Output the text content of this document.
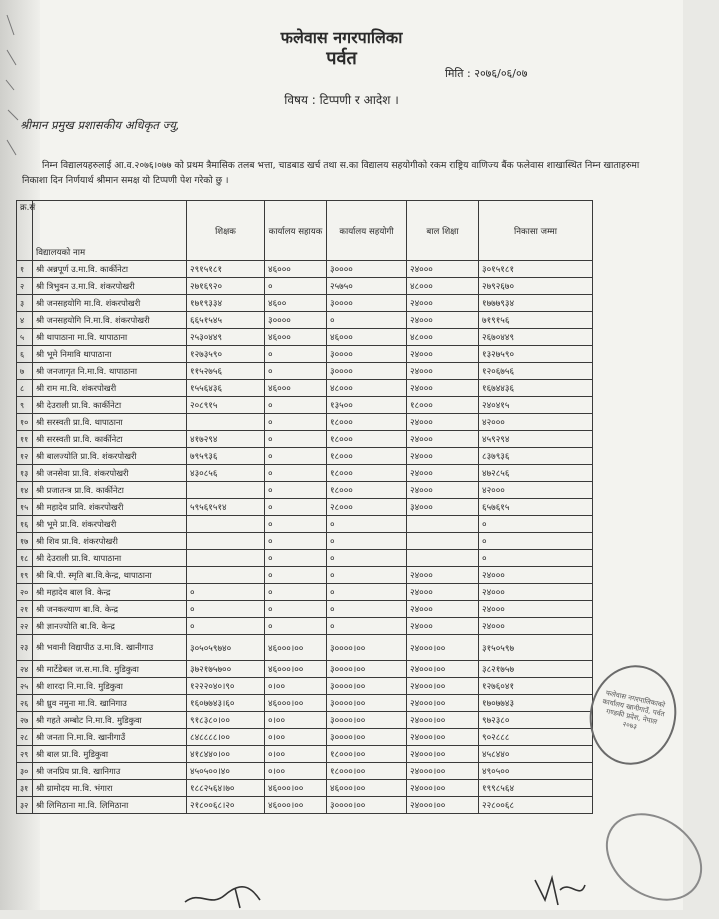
फलेवास नगरपालिका
पर्वत
मिति : २०७६/०६/०७
विषय : टिप्पणी र आदेश ।
श्रीमान प्रमुख प्रशासकीय अधिकृत ज्यु,
निम्न विद्यालयहरुलाई आ.व.२०७६।०७७ को प्रथम त्रैमासिक तलब भत्ता, चाडबाड खर्च तथा स.का विद्यालय सहयोगीको रकम राष्ट्रिय वाणिज्य बैंक फलेवास शाखास्थित निम्न खाताहरुमा निकाशा दिन निर्णयार्थ श्रीमान समक्ष यो टिप्पणी पेश गरेको छु ।
क्र.सं	विद्यालयको नाम	शिक्षक	कार्यालय सहायक	कार्यालय सहयोगी	बाल शिक्षा	निकासा जम्मा
१	श्री अन्नपूर्ण उ.मा.वि. कार्कीनेटा	२९१५१८१	४६०००	३००००	२४०००	३०१५१८१
२	श्री त्रिभुवन उ.मा.वि. शंकरपोखरी	२७१६९२०	०	२५७५०	४८०००	२७९२६७०
३	श्री जनसहयोगि मा.वि. शंकरपोखरी	१७१९३३४	४६००	३००००	२४०००	१७७७९३४
४	श्री जनसहयोगि नि.मा.वि. शंकरपोखरी	६६५१५४५	३००००	०	२४०००	७१९१५६
५	श्री थापाठाना मा.वि. थापाठाना	२५३०४४९	४६०००	४६०००	४८०००	२६७०४४९
६	श्री भूमे निमावि थापाठाना	१२७३५९०	०	३००००	२४०००	१३२७५९०
७	श्री जनजागृत नि.मा.वि. थापाठाना	११५२७५६	०	३००००	२४०००	१२०६७५६
८	श्री राम मा.वि. शंकरपोखरी	१५५६४३६	४६०००	४८०००	२४०००	१६७४४३६
९	श्री देउराली प्रा.वि. कार्कीनेटा	२०८९१५	०	१३५००	१८०००	२४०४१५
१०	श्री सरस्वती प्रा.वि. थापाठाना		०	१८०००	२४०००	४२०००
११	श्री सरस्वती प्रा.वि. कार्कीनेटा	४१७२९४	०	१८०००	२४०००	४५९२९४
१२	श्री बालज्योति प्रा.वि. शंकरपोखरी	७९५९३६	०	१८०००	२४०००	८३७९३६
१३	श्री जनसेवा प्रा.वि. शंकरपोखरी	४३०८५६	०	१८०००	२४०००	४७२८५६
१४	श्री प्रजातन्त्र प्रा.वि. कार्कीनेटा		०	१८०००	२४०००	४२०००
१५	श्री महादेव प्रावि. शंकरपोखरी	५९५६१५१४	०	२८०००	३४०००	६५७६१५
१६	श्री भूमे प्रा.वि. शंकरपोखरी		०	०		०
१७	श्री शिव प्रा.वि. शंकरपोखरी		०	०		०
१८	श्री देउराली प्रा.वि. थापाठाना		०	०		०
१९	श्री बि.पी. स्मृति बा.वि.केन्द्र, थापाठाना		०	०	२४०००	२४०००
२०	श्री महादेव बाल वि. केन्द्र	०	०	०	२४०००	२४०००
२१	श्री जनकल्याण बा.वि. केन्द्र	०	०	०	२४०००	२४०००
२२	श्री ज्ञानज्योति बा.वि. केन्द्र	०	०	०	२४०००	२४०००
२३	श्री भवानी विद्यापीठ उ.मा.वि. खानीगाउ	३०५०५९७४०	४६०००।००	३००००।००	२४०००।००	३१५०५९७
२४	श्री मार्टेडेबल ज.स.मा.वि. मुडिकुवा	३७२१७५७००	४६०००।००	३००००।००	२४०००।००	३८२१७५७
२५	श्री शारदा नि.मा.वि. मुडिकुवा	१२२२०४०।९०	०।००	३००००।००	२४०००।००	१२७६०४१
२६	श्री ध्रुव नमुना मा.वि. खानिगाउ	१६०७७४३।६०	४६०००।००	३००००।००	२४०००।००	१७०७७४३
२७	श्री गहते अम्बोट नि.मा.वि. मुडिकुवा	९१८३८०।००	०।००	३००००।००	२४०००।००	९७२३८०
२८	श्री जनता नि.मा.वि. खानीगाउँ	८४८८८८।००	०।००	३००००।००	२४०००।००	९०२८८८
२९	श्री बाल प्रा.वि. मुडिकुवा	४१८४४०।००	०।००	१८०००।००	२४०००।००	४५८४४०
३०	श्री जनप्रिय प्रा.वि. खानिगाउ	४५०५००।४०	०।००	१८०००।००	२४०००।००	४९०५००
३१	श्री ग्रामोदय मा.वि. भंगारा	१८८२५६४।७०	४६०००।००	४६०००।००	२४०००।००	१९९८५६४
३२	श्री लिमिठाना मा.वि. लिमिठाना	२१८००६८।२०	४६०००।००	३००००।००	२४०००।००	२२८००६८
फलेवास नगरपालिकाको कार्यालय खानीगाउँ, पर्वत गण्डकी प्रदेश, नेपाल २०७३
